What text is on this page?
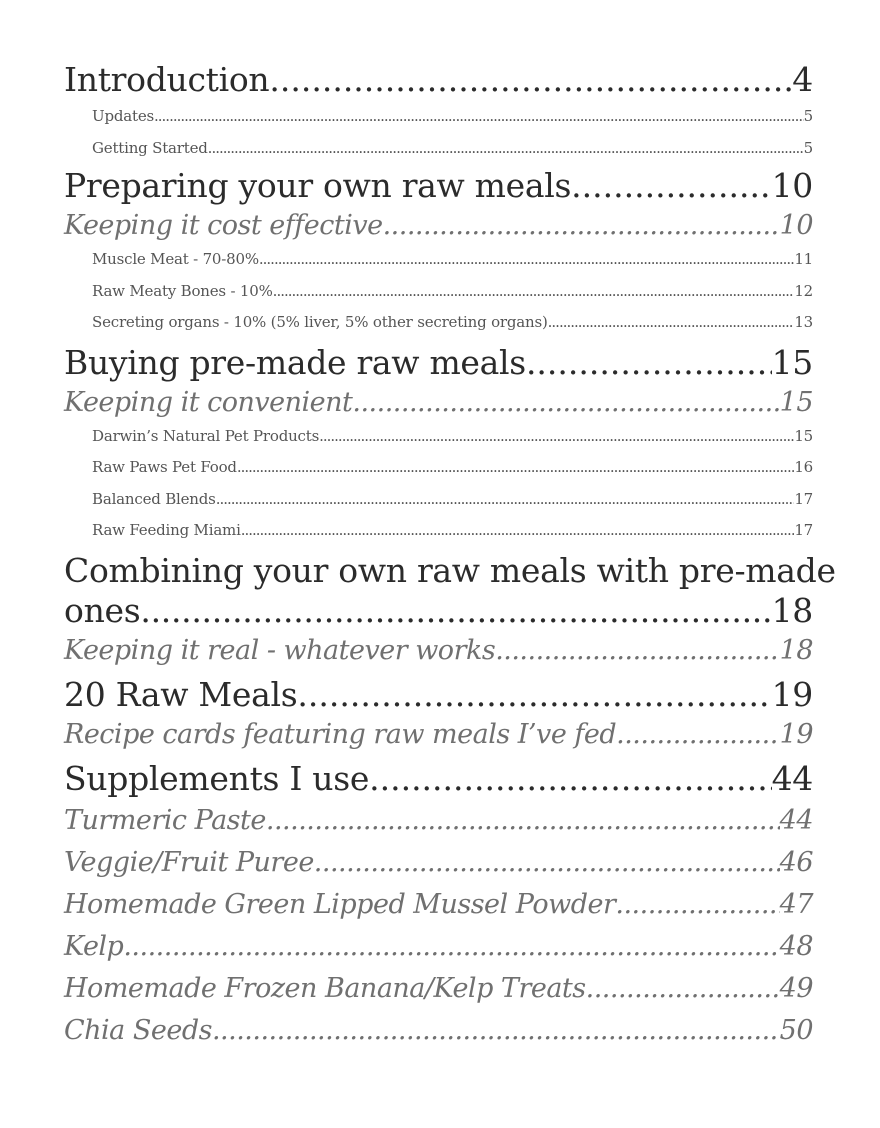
Introduction .....	4
Updates .....	5
Getting Started .....	5
Preparing your own raw meals .....	10
Keeping it cost effective .....	10
Muscle Meat - 70-80% .....	11
Raw Meaty Bones - 10% .....	12
Secreting organs - 10% (5% liver, 5% other secreting organs) .....	13
Buying pre-made raw meals .....	15
Keeping it convenient .....	15
Darwin’s Natural Pet Products .....	15
Raw Paws Pet Food .....	16
Balanced Blends .....	17
Raw Feeding Miami .....	17
Combining your own raw meals with pre-made
ones .....	18
Keeping it real - whatever works .....	18
20 Raw Meals .....	19
Recipe cards featuring raw meals I’ve fed .....	19
Supplements I use .....	44
Turmeric Paste .....	44
Veggie/Fruit Puree .....	46
Homemade Green Lipped Mussel Powder .....	47
Kelp .....	48
Homemade Frozen Banana/Kelp Treats .....	49
Chia Seeds .....	50
